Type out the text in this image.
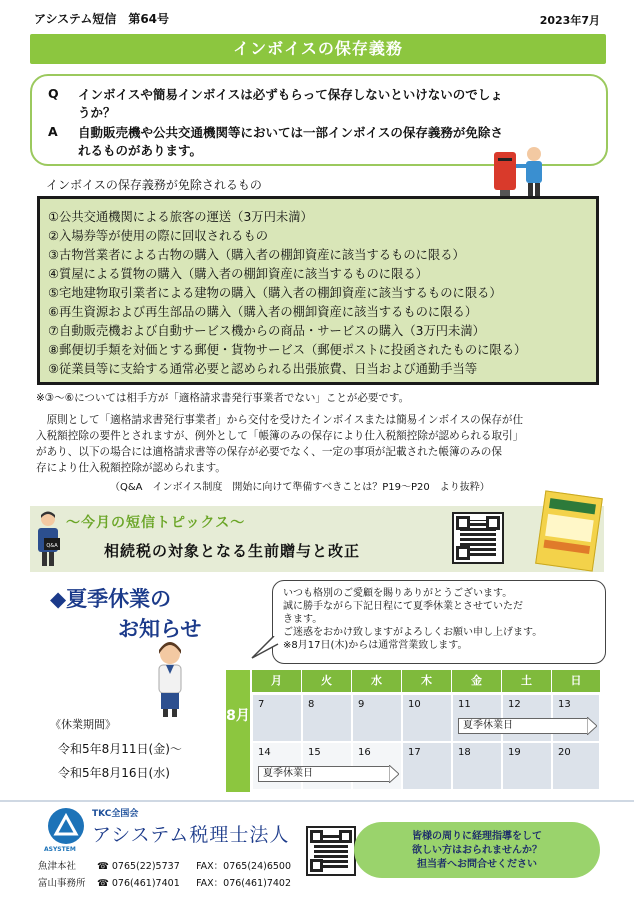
アシステム短信　第64号	2023年7月
インボイスの保存義務
Q インボイスや簡易インボイスは必ずもらって保存しないといけないのでしょ
うか？
A 自動販売機や公共交通機関等においては一部インボイスの保存義務が免除さ
れるものがあります。
インボイスの保存義務が免除されるもの
①公共交通機関による旅客の運送（3万円未満）
②入場券等が使用の際に回収されるもの
③古物営業者による古物の購入（購入者の棚卸資産に該当するものに限る）
④質屋による質物の購入（購入者の棚卸資産に該当するものに限る）
⑤宅地建物取引業者による建物の購入（購入者の棚卸資産に該当するものに限る）
⑥再生資源および再生部品の購入（購入者の棚卸資産に該当するものに限る）
⑦自動販売機および自動サービス機からの商品・サービスの購入（3万円未満）
⑧郵便切手類を対価とする郵便・貨物サービス（郵便ポストに投函されたものに限る）
⑨従業員等に支給する通常必要と認められる出張旅費、日当および通勤手当等
※③～⑥については相手方が「適格請求書発行事業者でない」ことが必要です。

原則として「適格請求書発行事業者」から交付を受けたインボイスまたは簡易インボイスの保存が仕

入税額控除の要件とされますが、例外として「帳簿のみの保存により仕入税額控除が認められる取引」
があり、以下の場合には適格請求書等の保存が必要でなく、一定の事項が記載された帳簿のみの保
存により仕入税額控除が認められます。
（Q&A　インボイス制度　開始に向けて準備すべきことは？P19～P20　より抜粋）
Q&A
～今月の短信トピックス～
相続税の対象となる生前贈与と改正
◆夏季休業の
お知らせ
いつも格別のご愛顧を賜りありがとうございます。
誠に勝手ながら下記日程にて夏季休業とさせていただ
きます。
ご迷惑をおかけ致しますがよろしくお願い申し上げます。
※8月17日(木)からは通常営業致します。
《休業期間》
令和5年8月11日(金)～
令和5年8月16日(水)
8月
月	火	水	木	金	土	日
7	8	9	10	11	12	13
14	15	16	17	18	19	20
夏季休業日
夏季休業日
ASYSTEM
TKC全国会
アシステム税理士法人
魚津本社 ☎ 0765(22)5737 FAX：0765(24)6500
富山事務所 ☎ 076(461)7401 FAX：076(461)7402
皆様の周りに経理指導をして
欲しい方はおられませんか？
担当者へお問合せください
